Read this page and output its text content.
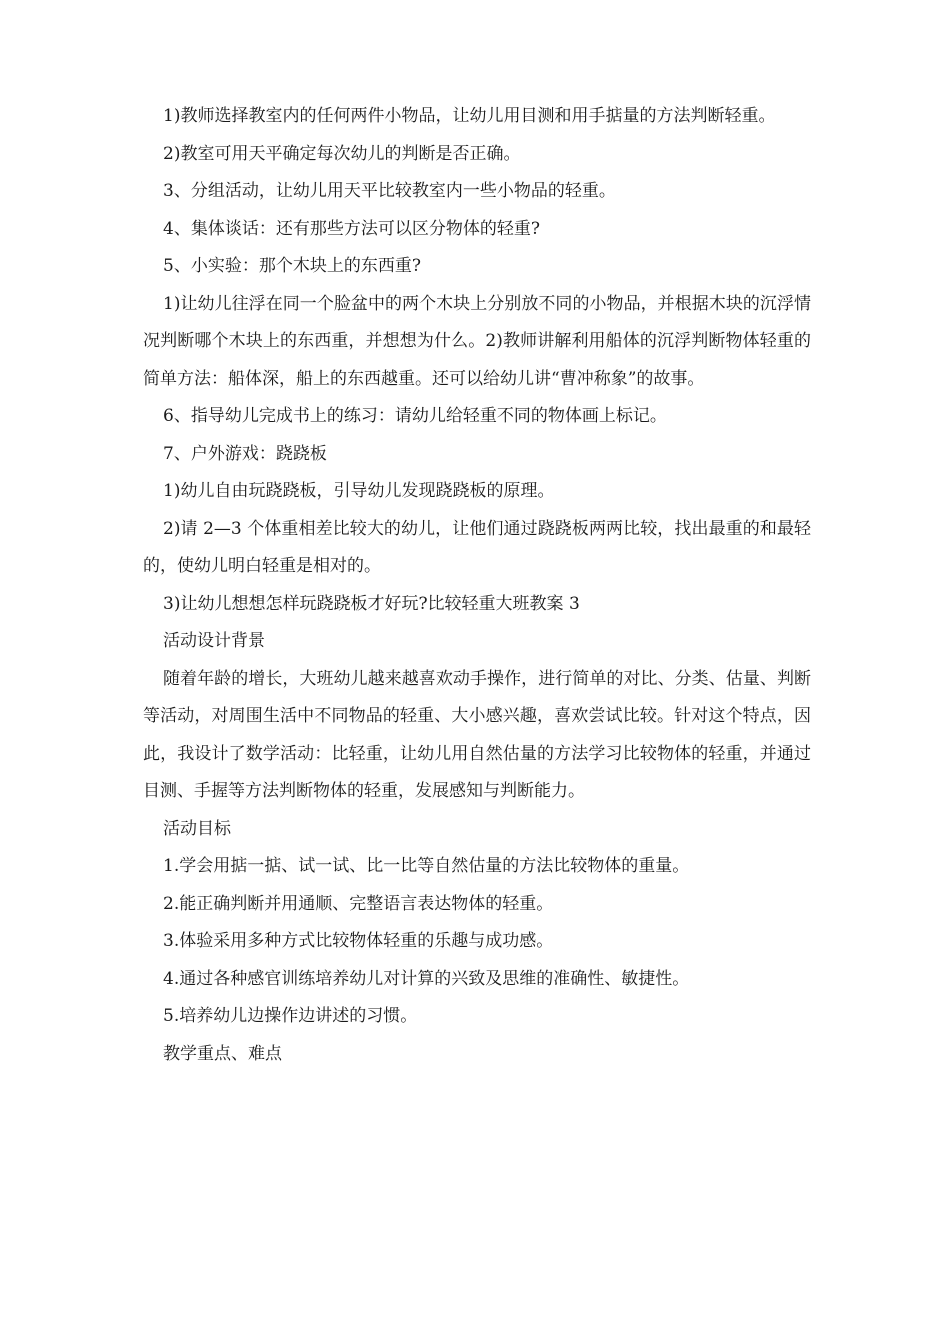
1)教师选择教室内的任何两件小物品，让幼儿用目测和用手掂量的方法判断轻重。

2)教室可用天平确定每次幼儿的判断是否正确。

3、分组活动，让幼儿用天平比较教室内一些小物品的轻重。

4、集体谈话：还有那些方法可以区分物体的轻重?

5、小实验：那个木块上的东西重?

1)让幼儿往浮在同一个脸盆中的两个木块上分别放不同的小物品，并根据木块的沉浮情况判断哪个木块上的东西重，并想想为什么。2)教师讲解利用船体的沉浮判断物体轻重的简单方法：船体深，船上的东西越重。还可以给幼儿讲“曹冲称象”的故事。

6、指导幼儿完成书上的练习：请幼儿给轻重不同的物体画上标记。

7、户外游戏：跷跷板

1)幼儿自由玩跷跷板，引导幼儿发现跷跷板的原理。

2)请 2—3 个体重相差比较大的幼儿，让他们通过跷跷板两两比较，找出最重的和最轻的，使幼儿明白轻重是相对的。

3)让幼儿想想怎样玩跷跷板才好玩?比较轻重大班教案 3

活动设计背景

随着年龄的增长，大班幼儿越来越喜欢动手操作，进行简单的对比、分类、估量、判断等活动，对周围生活中不同物品的轻重、大小感兴趣，喜欢尝试比较。针对这个特点，因此，我设计了数学活动：比轻重，让幼儿用自然估量的方法学习比较物体的轻重，并通过目测、手握等方法判断物体的轻重，发展感知与判断能力。

活动目标

1.学会用掂一掂、试一试、比一比等自然估量的方法比较物体的重量。

2.能正确判断并用通顺、完整语言表达物体的轻重。

3.体验采用多种方式比较物体轻重的乐趣与成功感。

4.通过各种感官训练培养幼儿对计算的兴致及思维的准确性、敏捷性。

5.培养幼儿边操作边讲述的习惯。

教学重点、难点
